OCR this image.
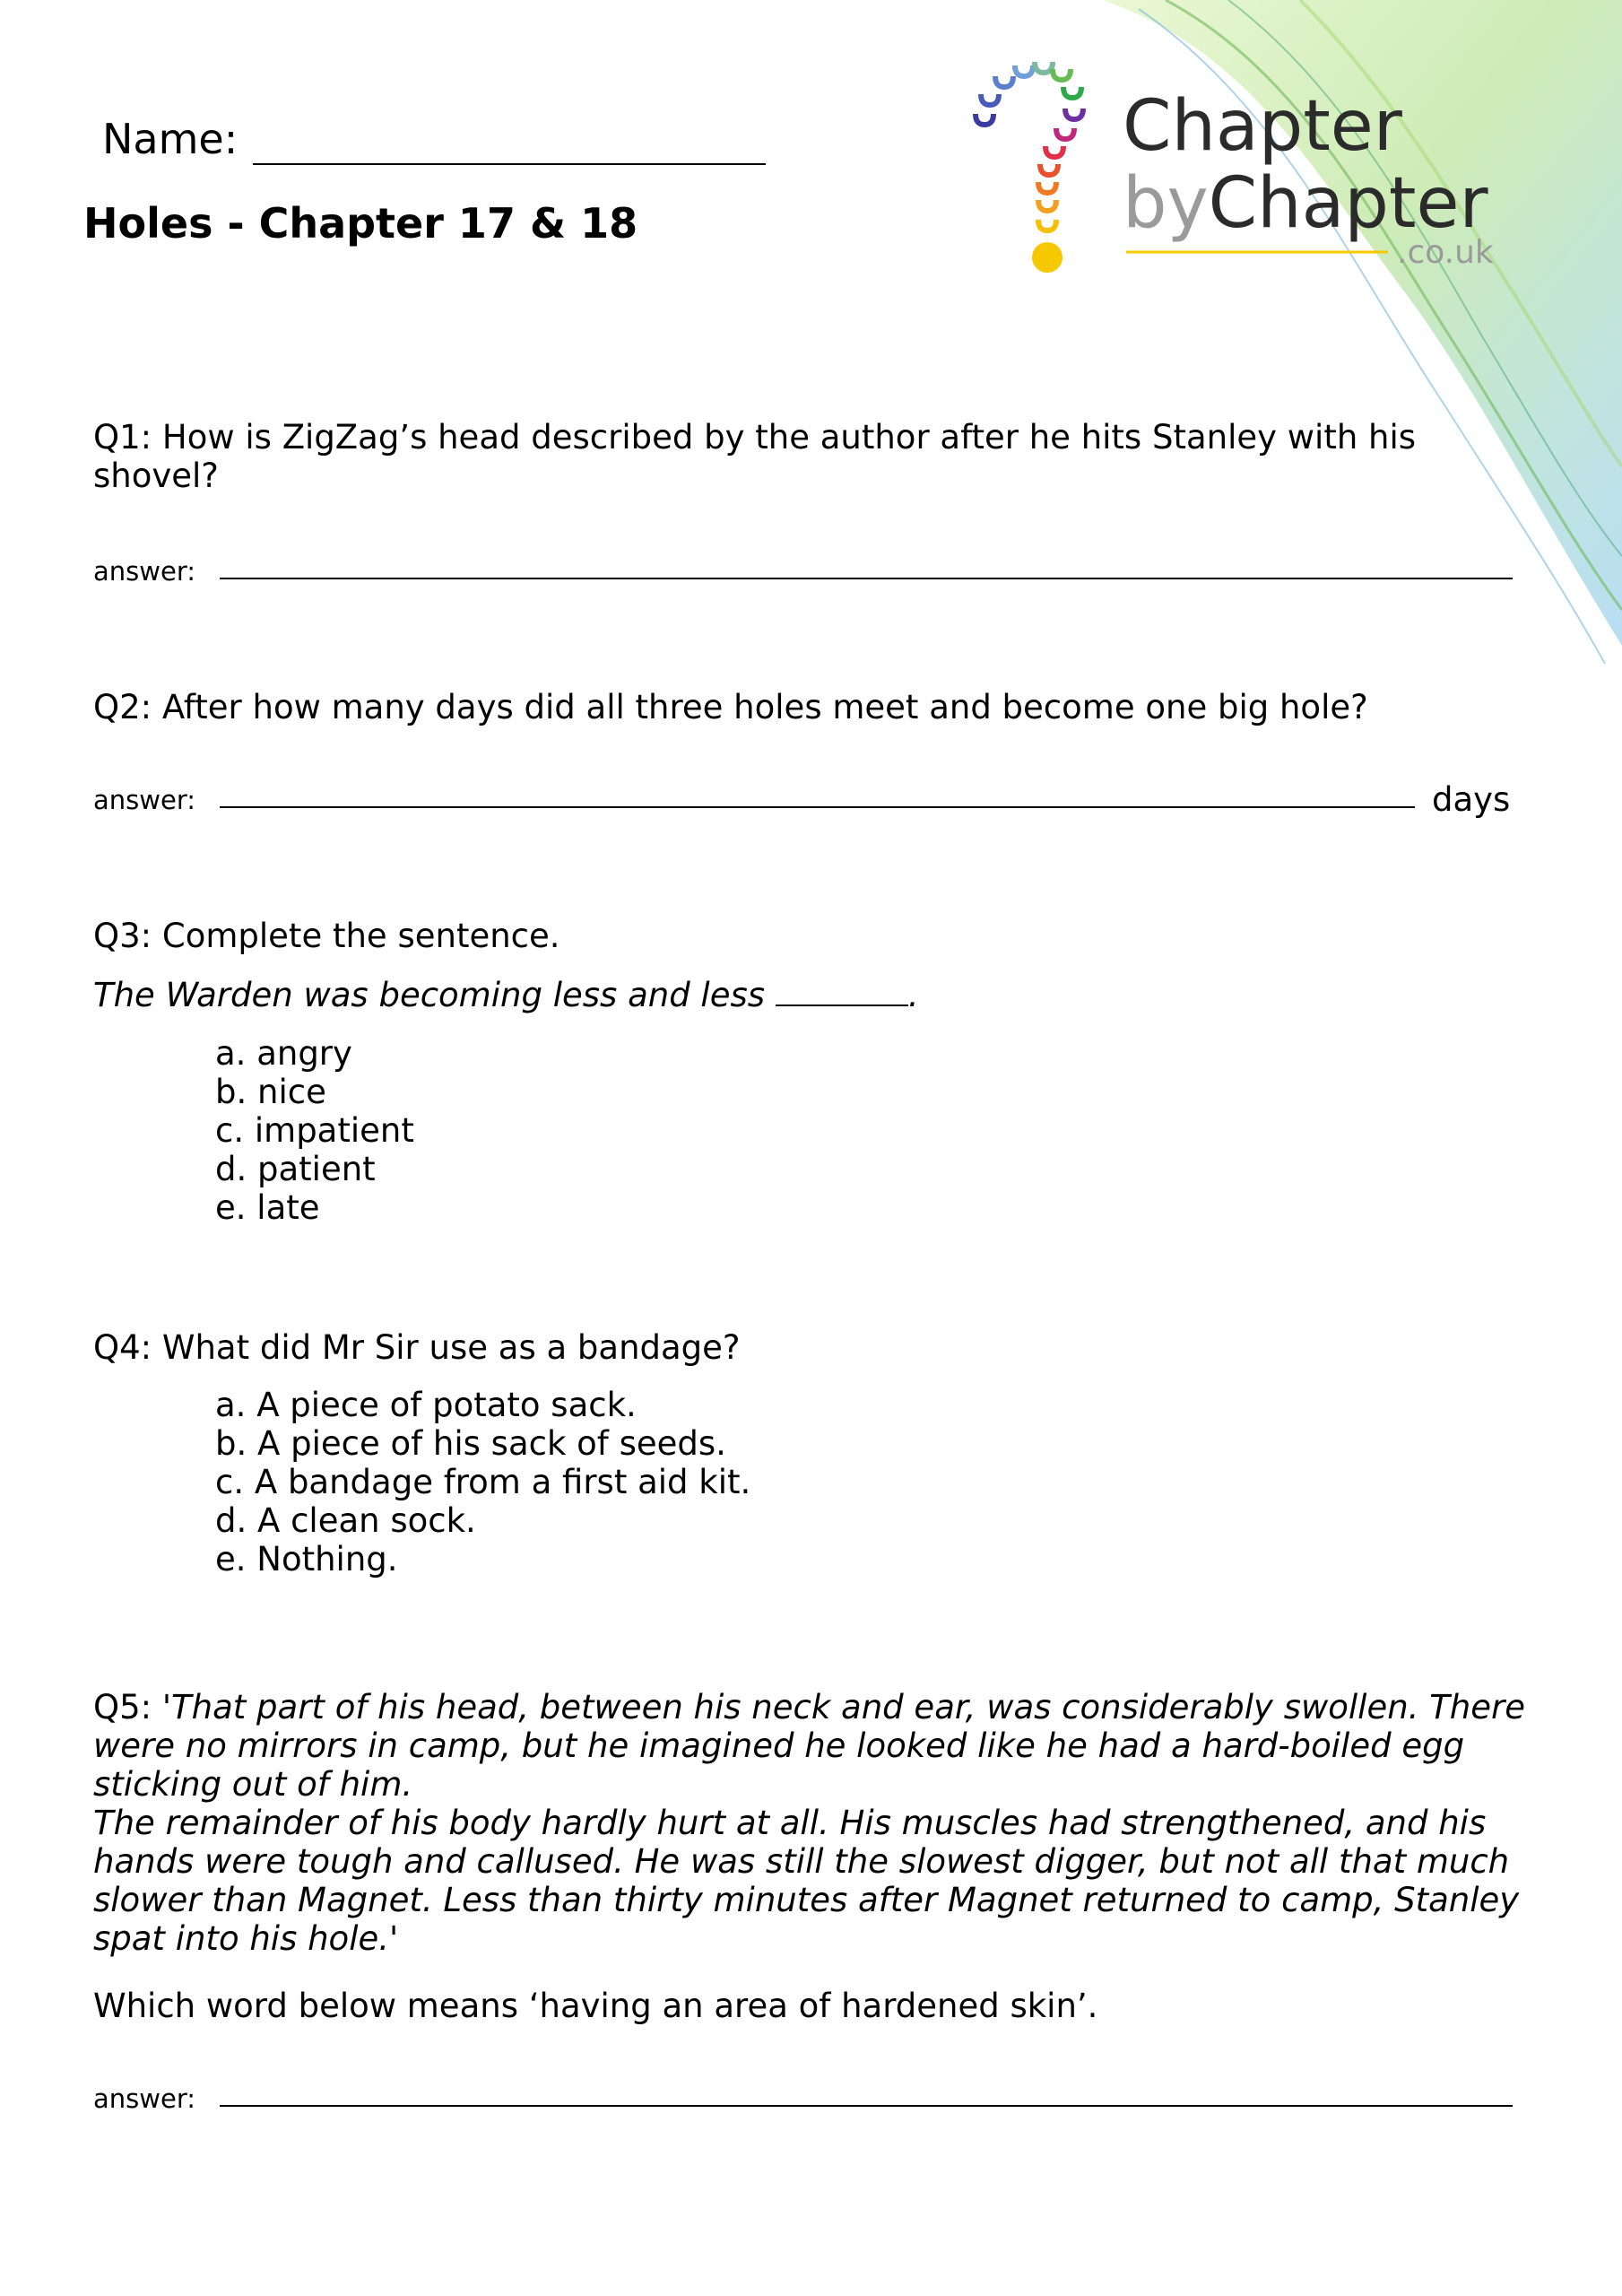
Name:
Holes - Chapter 17 & 18
Chapter
byChapter
.co.uk
Q1: How is ZigZag’s head described by the author after he hits Stanley with his shovel?
answer:
Q2: After how many days did all three holes meet and become one big hole?
answer:	days
Q3: Complete the sentence.
The Warden was becoming less and less	.
a. angry
b. nice
c. impatient
d. patient
e. late
Q4: What did Mr Sir use as a bandage?
a. A piece of potato sack.
b. A piece of his sack of seeds.
c. A bandage from a first aid kit.
d. A clean sock.
e. Nothing.
Q5: 'That part of his head, between his neck and ear, was considerably swollen. There were no mirrors in camp, but he imagined he looked like he had a hard-boiled egg sticking out of him.
The remainder of his body hardly hurt at all. His muscles had strengthened, and his hands were tough and callused. He was still the slowest digger, but not all that much slower than Magnet. Less than thirty minutes after Magnet returned to camp, Stanley spat into his hole.'
Which word below means ‘having an area of hardened skin’.
answer:
